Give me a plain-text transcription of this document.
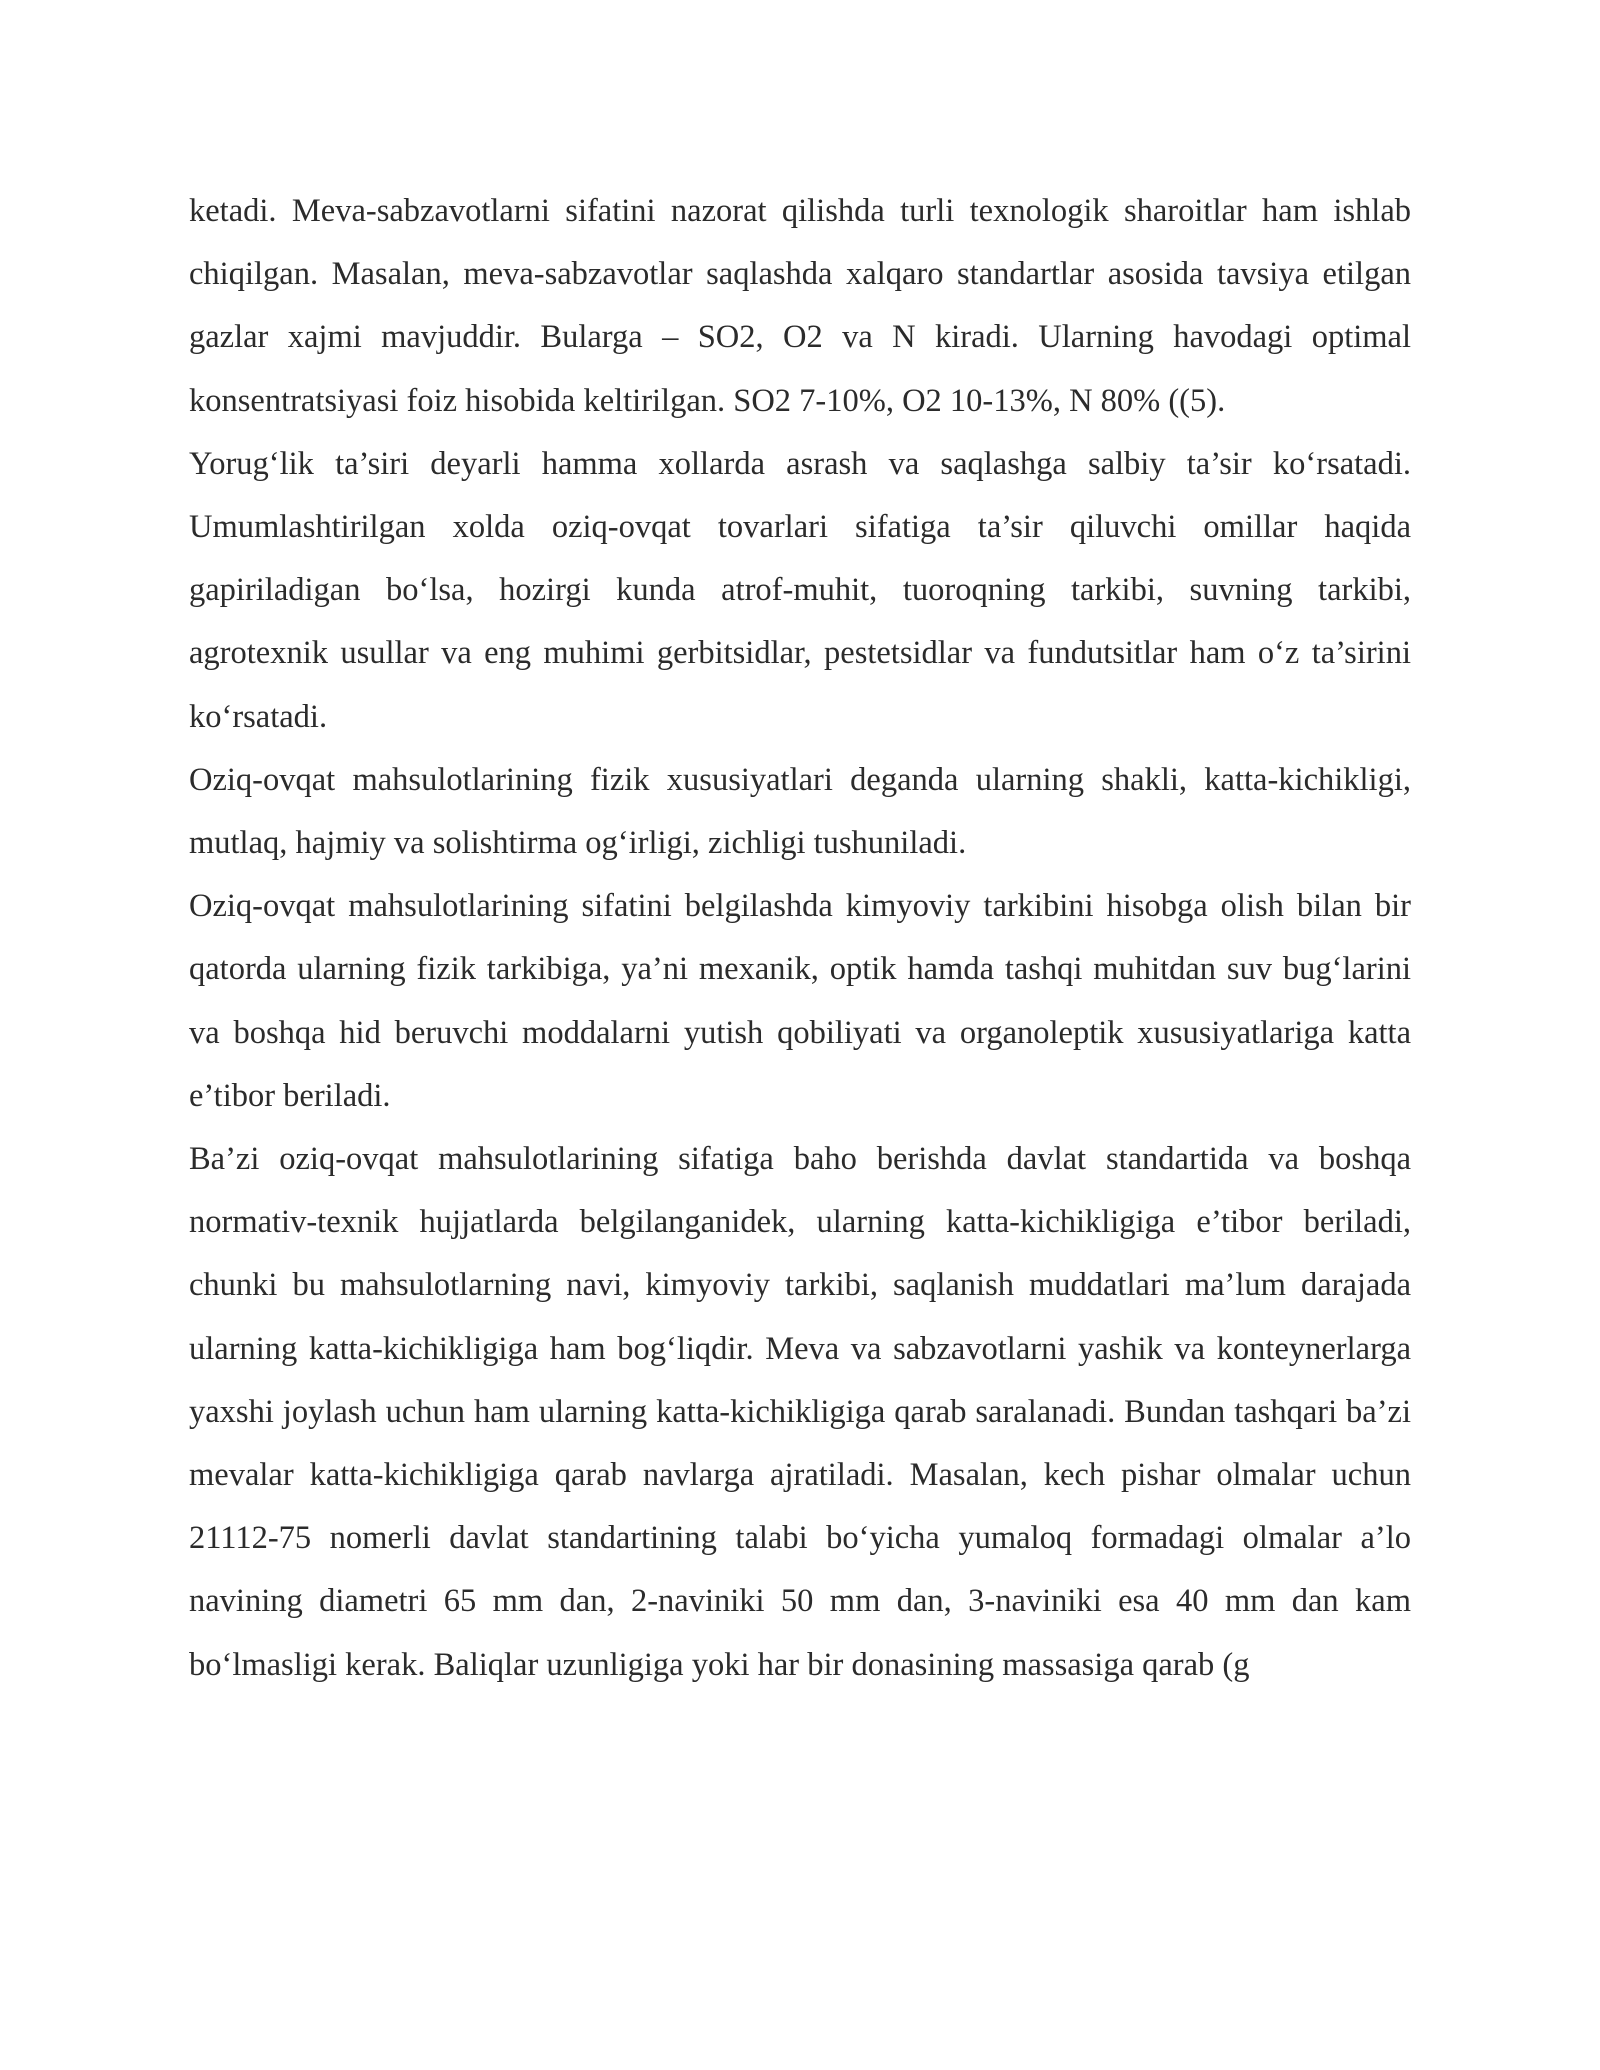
ketadi. Meva-sabzavotlarni sifatini nazorat qilishda turli texnologik sharoitlar ham ishlab chiqilgan. Masalan, meva-sabzavotlar saqlashda xalqaro standartlar asosida tavsiya etilgan gazlar xajmi mavjuddir. Bularga – SO2, O2 va N kiradi. Ularning havodagi optimal konsentratsiyasi foiz hisobida keltirilgan. SO2 7-10%, O2 10-13%, N 80% ((5).

Yorug‘lik ta’siri deyarli hamma xollarda asrash va saqlashga salbiy ta’sir ko‘rsatadi. Umumlashtirilgan xolda oziq-ovqat tovarlari sifatiga ta’sir qiluvchi omillar haqida gapiriladigan bo‘lsa, hozirgi kunda atrof-muhit, tuoroqning tarkibi, suvning tarkibi, agrotexnik usullar va eng muhimi gerbitsidlar, pestetsidlar va fundutsitlar ham o‘z ta’sirini ko‘rsatadi.

Oziq-ovqat mahsulotlarining fizik xususiyatlari deganda ularning shakli, katta-kichikligi, mutlaq, hajmiy va solishtirma og‘irligi, zichligi tushuniladi.

Oziq-ovqat mahsulotlarining sifatini belgilashda kimyoviy tarkibini hisobga olish bilan bir qatorda ularning fizik tarkibiga, ya’ni mexanik, optik hamda tashqi muhitdan suv bug‘larini va boshqa hid beruvchi moddalarni yutish qobiliyati va organoleptik xususiyatlariga katta e’tibor beriladi.

Ba’zi oziq-ovqat mahsulotlarining sifatiga baho berishda davlat standartida va boshqa normativ-texnik hujjatlarda belgilanganidek, ularning katta-kichikligiga e’tibor beriladi, chunki bu mahsulotlarning navi, kimyoviy tarkibi, saqlanish muddatlari ma’lum darajada ularning katta-kichikligiga ham bog‘liqdir. Meva va sabzavotlarni yashik va konteynerlarga yaxshi joylash uchun ham ularning katta-kichikligiga qarab saralanadi. Bundan tashqari ba’zi mevalar katta-kichikligiga qarab navlarga ajratiladi. Masalan, kech pishar olmalar uchun 21112-75 nomerli davlat standartining talabi bo‘yicha yumaloq formadagi olmalar a’lo navining diametri 65 mm dan, 2-naviniki 50 mm dan, 3-naviniki esa 40 mm dan kam bo‘lmasligi kerak. Baliqlar uzunligiga yoki har bir donasining massasiga qarab (g
